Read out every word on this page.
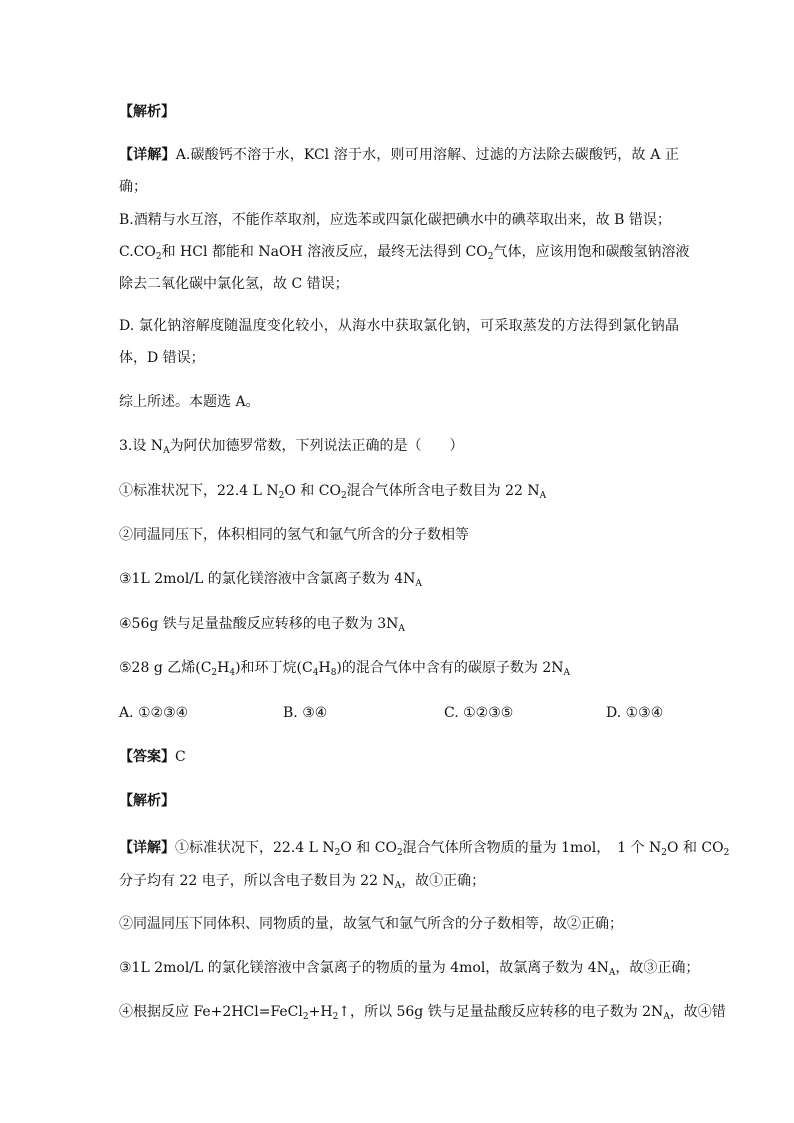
【解析】
【详解】A.碳酸钙不溶于水，KCl 溶于水，则可用溶解、过滤的方法除去碳酸钙，故 A 正
确；
B.酒精与水互溶，不能作萃取剂，应选苯或四氯化碳把碘水中的碘萃取出来，故 B 错误；
$C.CO_2$和 HCl 都能和 NaOH 溶液反应，最终无法得到 $CO_2$气体，应该用饱和碳酸氢钠溶液
除去二氧化碳中氯化氢，故 C 错误；
D. 氯化钠溶解度随温度变化较小，从海水中获取氯化钠，可采取蒸发的方法得到氯化钠晶
体，D 错误；
综上所述。本题选 A。
3.设 $N_A$为阿伏加德罗常数，下列说法正确的是（　　）
①标准状况下，22.4 L $N_2O$ 和 $CO_2$混合气体所含电子数目为 22 $N_A$
②同温同压下，体积相同的氢气和氩气所含的分子数相等
③1L 2mol/L 的氯化镁溶液中含氯离子数为 $4N_A$
④56g 铁与足量盐酸反应转移的电子数为 $3N_A$
⑤28 g 乙烯$(C_2H_4)$和环丁烷$(C_4H_8)$的混合气体中含有的碳原子数为 $2N_A$
A. ①②③④	B. ③④	C. ①②③⑤	D. ①③④
【答案】C
【解析】
【详解】①标准状况下，22.4 L $N_2O$ 和 $CO_2$混合气体所含物质的量为 1mol，　1 个 $N_2O$ 和 $CO_2$
分子均有 22 电子，所以含电子数目为 22 $N_A$，故①正确；
②同温同压下同体积、同物质的量，故氢气和氩气所含的分子数相等，故②正确；
③1L 2mol/L 的氯化镁溶液中含氯离子的物质的量为 4mol，故氯离子数为 $4N_A$，故③正确；
④根据反应 $Fe+2HCl=FeCl_2+H_2↑$，所以 56g 铁与足量盐酸反应转移的电子数为 $2N_A$，故④错
